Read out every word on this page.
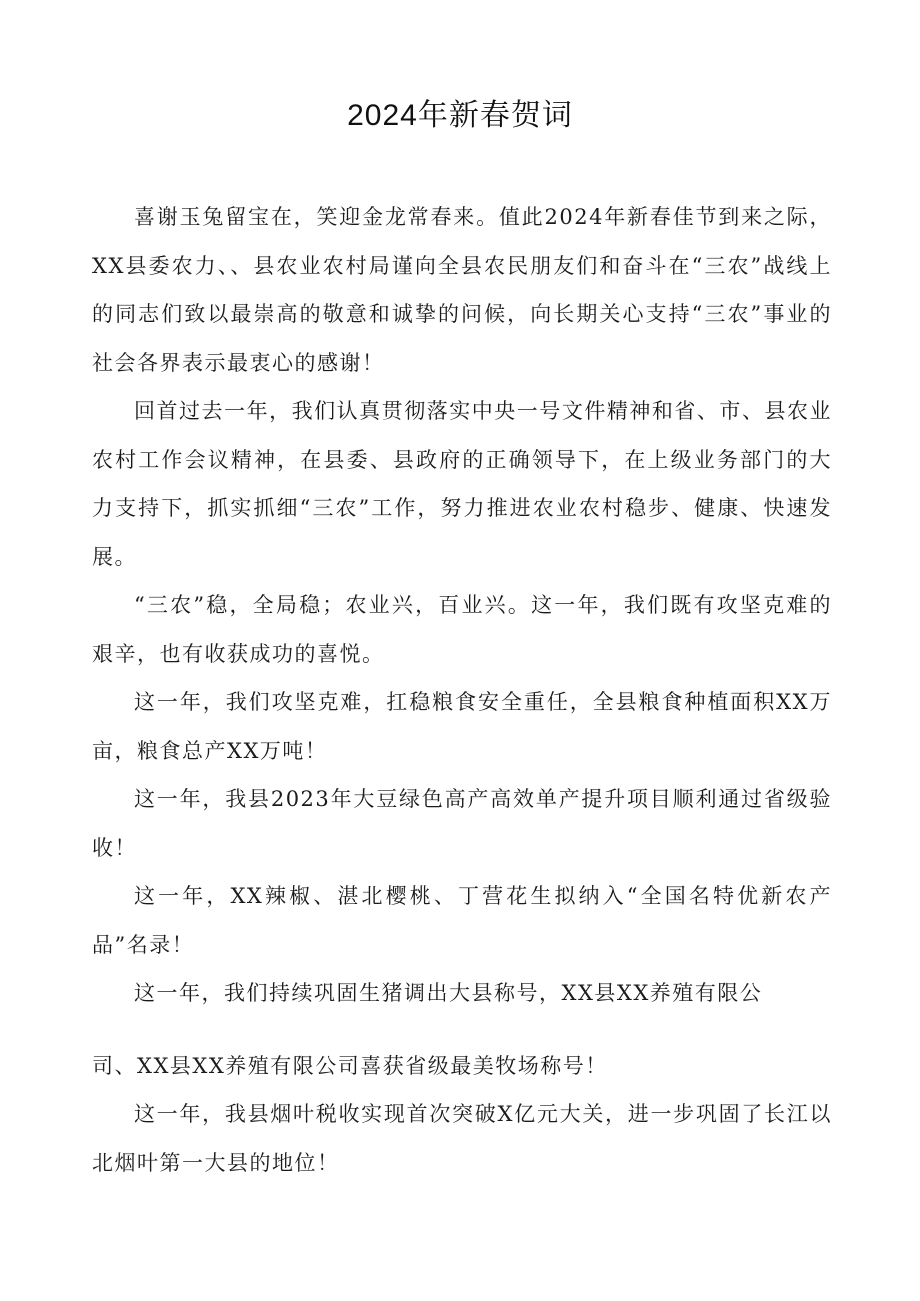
2024年新春贺词

喜谢玉兔留宝在，笑迎金龙常春来。值此2024年新春佳节到来之际，XX县委农力、、县农业农村局谨向全县农民朋友们和奋斗在“三农”战线上的同志们致以最崇高的敬意和诚挚的问候，向长期关心支持“三农”事业的社会各界表示最衷心的感谢！

回首过去一年，我们认真贯彻落实中央一号文件精神和省、市、县农业农村工作会议精神，在县委、县政府的正确领导下，在上级业务部门的大力支持下，抓实抓细“三农”工作，努力推进农业农村稳步、健康、快速发展。

“三农”稳，全局稳；农业兴，百业兴。这一年，我们既有攻坚克难的艰辛，也有收获成功的喜悦。

这一年，我们攻坚克难，扛稳粮食安全重任，全县粮食种植面积XX万亩，粮食总产XX万吨！

这一年，我县2023年大豆绿色高产高效单产提升项目顺利通过省级验收！

这一年，XX辣椒、湛北樱桃、丁营花生拟纳入“全国名特优新农产品”名录！

这一年，我们持续巩固生猪调出大县称号，XX县XX养殖有限公

司、XX县XX养殖有限公司喜获省级最美牧场称号！

这一年，我县烟叶税收实现首次突破X亿元大关，进一步巩固了长江以北烟叶第一大县的地位！
